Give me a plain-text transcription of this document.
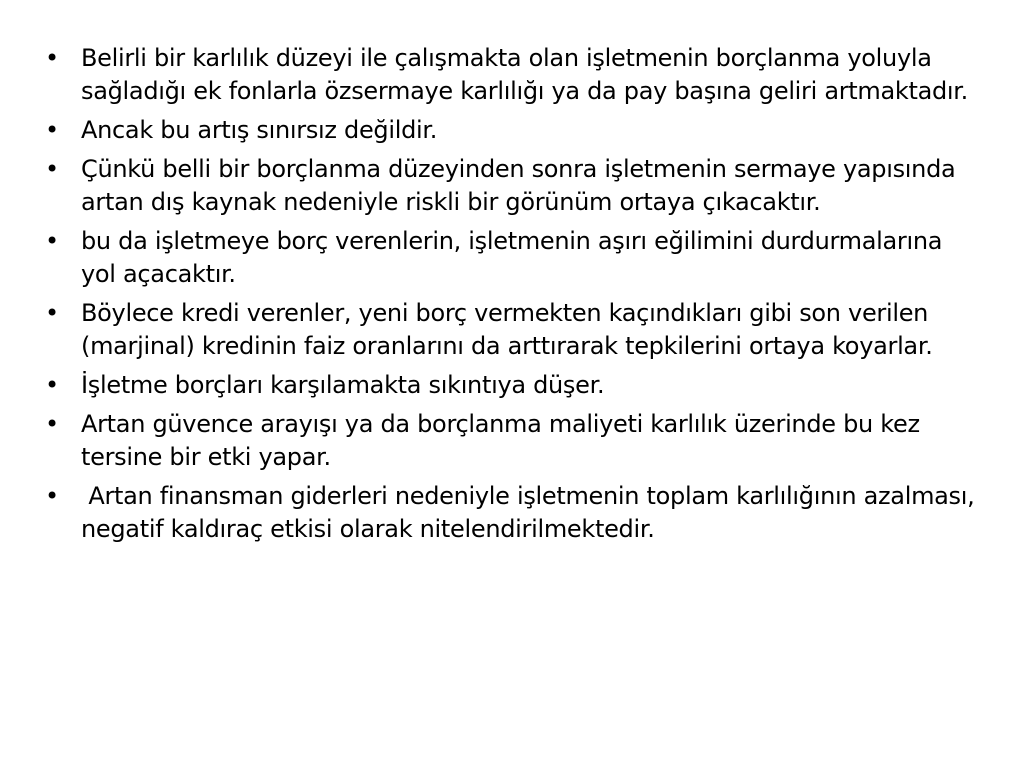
• Belirli bir karlılık düzeyi ile çalışmakta olan işletmenin borçlanma yoluyla sağladığı ek fonlarla özsermaye karlılığı ya da pay başına geliri artmaktadır.
• Ancak bu artış sınırsız değildir.
• Çünkü belli bir borçlanma düzeyinden sonra işletmenin sermaye yapısında artan dış kaynak nedeniyle riskli bir görünüm ortaya çıkacaktır.
• bu da işletmeye borç verenlerin, işletmenin aşırı eğilimini durdurmalarına yol açacaktır.
• Böylece kredi verenler, yeni borç vermekten kaçındıkları gibi son verilen (marjinal) kredinin faiz oranlarını da arttırarak tepkilerini ortaya koyarlar.
• İşletme borçları karşılamakta sıkıntıya düşer.
• Artan güvence arayışı ya da borçlanma maliyeti karlılık üzerinde bu kez tersine bir etki yapar.
• Artan finansman giderleri nedeniyle işletmenin toplam karlılığının azalması, negatif kaldıraç etkisi olarak nitelendirilmektedir.
